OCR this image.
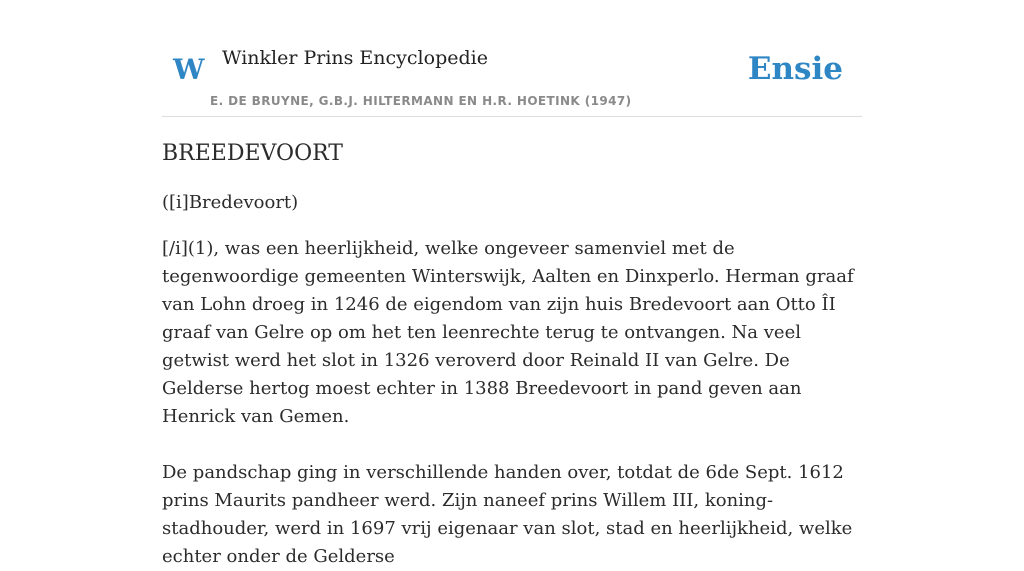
W Winkler Prins Encyclopedie
E. DE BRUYNE, G.B.J. HILTERMANN EN H.R. HOETINK (1947)
Ensie
BREEDEVOORT

([i]Bredevoort)

[/i](1), was een heerlijkheid, welke ongeveer samenviel met de tegenwoordige gemeenten Winterswijk, Aalten en Dinxperlo. Herman graaf van Lohn droeg in 1246 de eigendom van zijn huis Bredevoort aan Otto ÎI graaf van Gelre op om het ten leenrechte terug te ontvangen. Na veel getwist werd het slot in 1326 veroverd door Reinald II van Gelre. De Gelderse hertog moest echter in 1388 Breedevoort in pand geven aan Henrick van Gemen.

De pandschap ging in verschillende handen over, totdat de 6de Sept. 1612 prins Maurits pandheer werd. Zijn naneef prins Willem III, koning-stadhouder, werd in 1697 vrij eigenaar van slot, stad en heerlijkheid, welke echter onder de Gelderse
